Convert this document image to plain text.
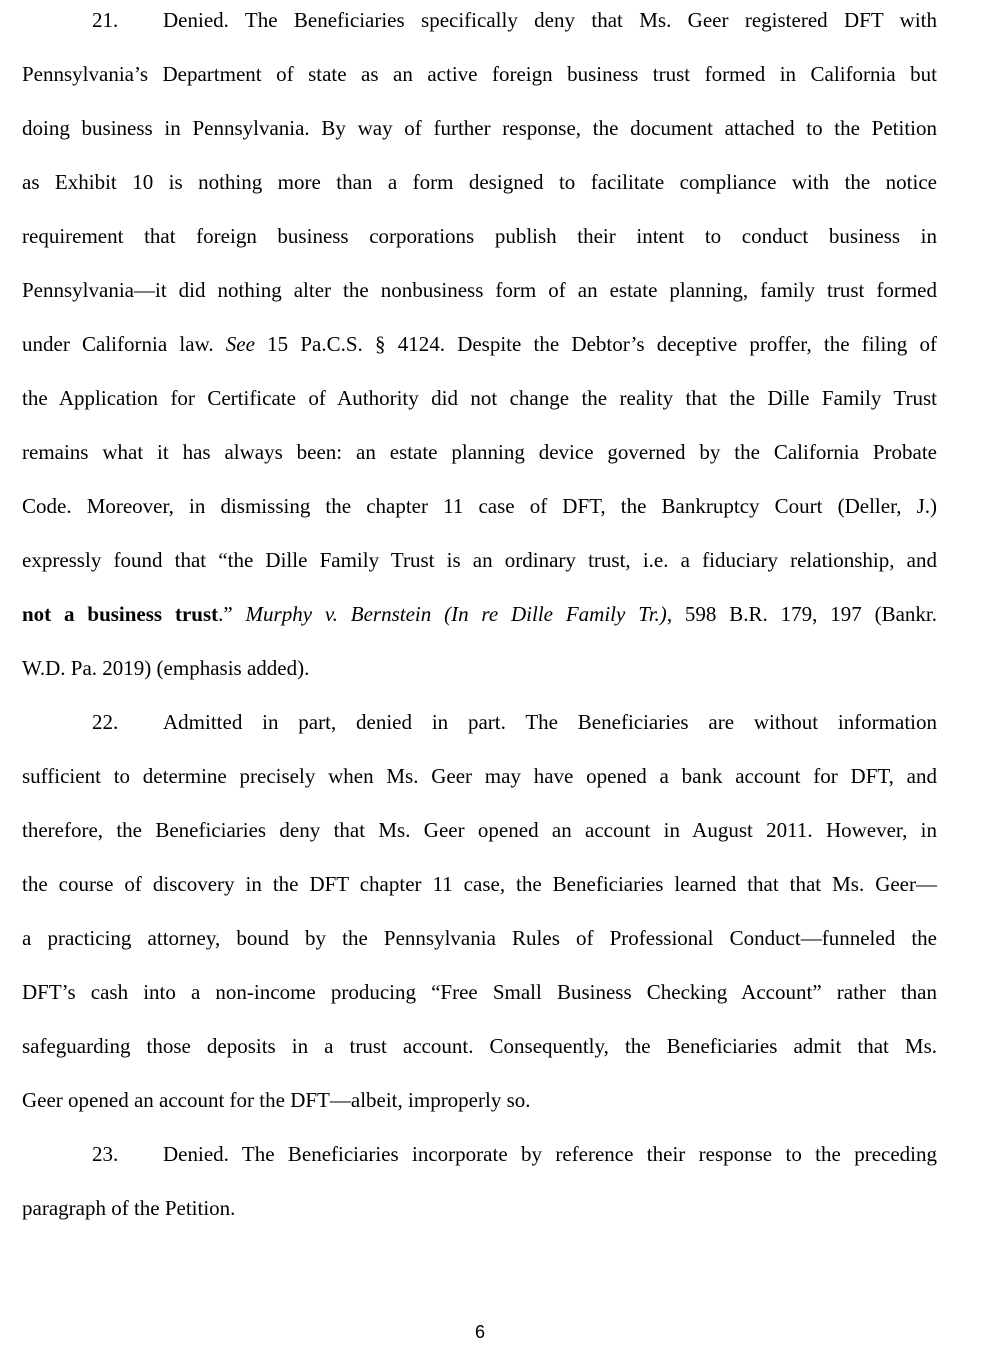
21. Denied. The Beneficiaries specifically deny that Ms. Geer registered DFT with
Pennsylvania’s Department of state as an active foreign business trust formed in California but
doing business in Pennsylvania. By way of further response, the document attached to the Petition
as Exhibit 10 is nothing more than a form designed to facilitate compliance with the notice
requirement that foreign business corporations publish their intent to conduct business in
Pennsylvania—it did nothing alter the nonbusiness form of an estate planning, family trust formed
under California law. See 15 Pa.C.S. § 4124. Despite the Debtor’s deceptive proffer, the filing of
the Application for Certificate of Authority did not change the reality that the Dille Family Trust
remains what it has always been: an estate planning device governed by the California Probate
Code. Moreover, in dismissing the chapter 11 case of DFT, the Bankruptcy Court (Deller, J.)
expressly found that “the Dille Family Trust is an ordinary trust, i.e. a fiduciary relationship, and
not a business trust.” Murphy v. Bernstein (In re Dille Family Tr.), 598 B.R. 179, 197 (Bankr.
W.D. Pa. 2019) (emphasis added).
22. Admitted in part, denied in part. The Beneficiaries are without information
sufficient to determine precisely when Ms. Geer may have opened a bank account for DFT, and
therefore, the Beneficiaries deny that Ms. Geer opened an account in August 2011. However, in
the course of discovery in the DFT chapter 11 case, the Beneficiaries learned that that Ms. Geer—
a practicing attorney, bound by the Pennsylvania Rules of Professional Conduct—funneled the
DFT’s cash into a non-income producing “Free Small Business Checking Account” rather than
safeguarding those deposits in a trust account. Consequently, the Beneficiaries admit that Ms.
Geer opened an account for the DFT—albeit, improperly so.
23. Denied. The Beneficiaries incorporate by reference their response to the preceding
paragraph of the Petition.
6
